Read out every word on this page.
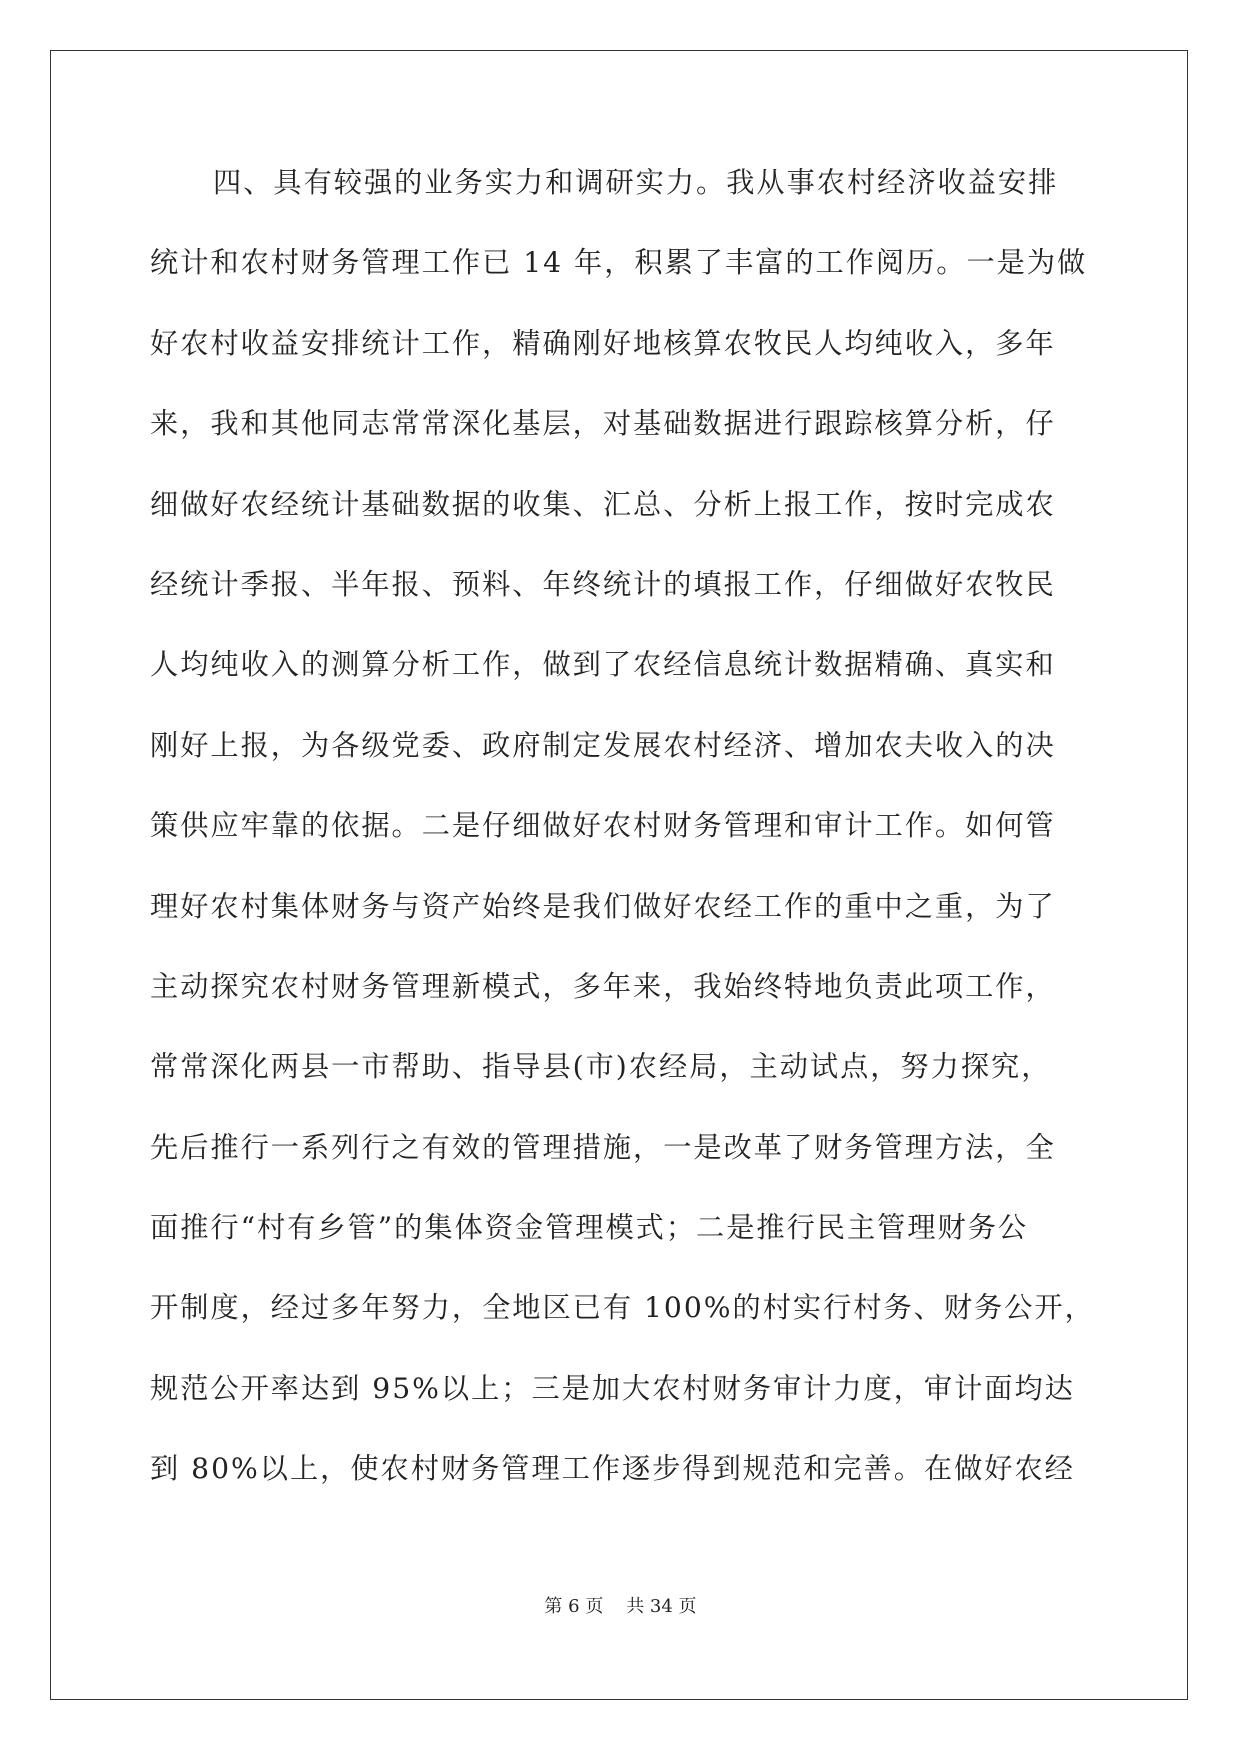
四、具有较强的业务实力和调研实力。我从事农村经济收益安排
统计和农村财务管理工作已 14 年，积累了丰富的工作阅历。一是为做
好农村收益安排统计工作，精确刚好地核算农牧民人均纯收入，多年
来，我和其他同志常常深化基层，对基础数据进行跟踪核算分析，仔
细做好农经统计基础数据的收集、汇总、分析上报工作，按时完成农
经统计季报、半年报、预料、年终统计的填报工作，仔细做好农牧民
人均纯收入的测算分析工作，做到了农经信息统计数据精确、真实和
刚好上报，为各级党委、政府制定发展农村经济、增加农夫收入的决
策供应牢靠的依据。二是仔细做好农村财务管理和审计工作。如何管
理好农村集体财务与资产始终是我们做好农经工作的重中之重，为了
主动探究农村财务管理新模式，多年来，我始终特地负责此项工作，
常常深化两县一市帮助、指导县(市)农经局，主动试点，努力探究，
先后推行一系列行之有效的管理措施，一是改革了财务管理方法，全
面推行“村有乡管”的集体资金管理模式；二是推行民主管理财务公
开制度，经过多年努力，全地区已有 100%的村实行村务、财务公开，
规范公开率达到 95%以上；三是加大农村财务审计力度，审计面均达
到 80%以上，使农村财务管理工作逐步得到规范和完善。在做好农经
第 6 页    共 34 页
